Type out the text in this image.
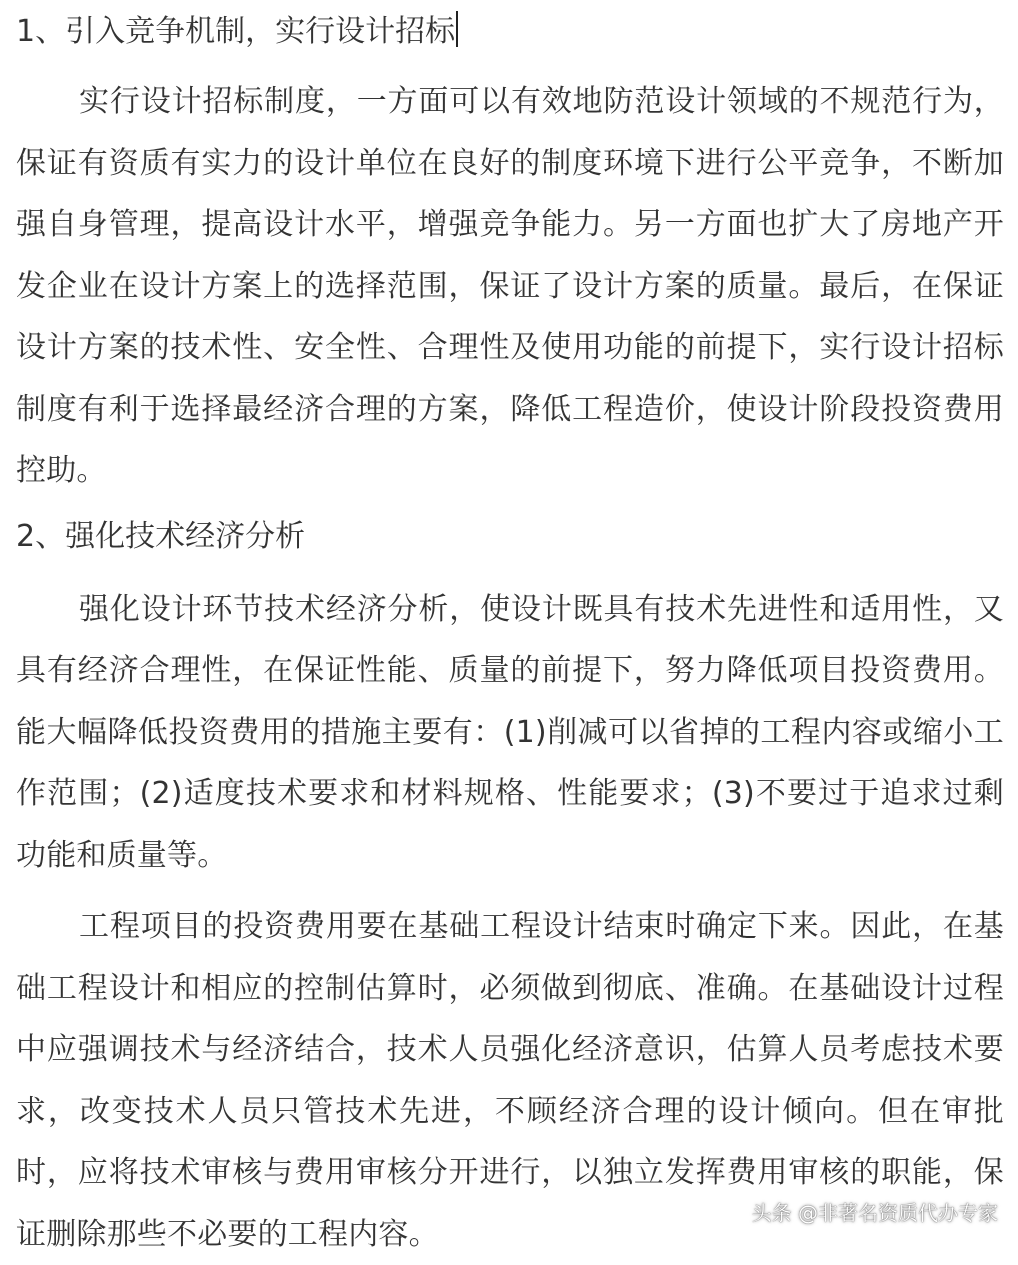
1、引入竞争机制，实行设计招标

实行设计招标制度，一方面可以有效地防范设计领域的不规范行为，保证有资质有实力的设计单位在良好的制度环境下进行公平竞争，不断加强自身管理，提高设计水平，增强竞争能力。另一方面也扩大了房地产开发企业在设计方案上的选择范围，保证了设计方案的质量。最后，在保证设计方案的技术性、安全性、合理性及使用功能的前提下，实行设计招标制度有利于选择最经济合理的方案，降低工程造价，使设计阶段投资费用控助。

2、强化技术经济分析

强化设计环节技术经济分析，使设计既具有技术先进性和适用性，又具有经济合理性，在保证性能、质量的前提下，努力降低项目投资费用。能大幅降低投资费用的措施主要有：(1)削减可以省掉的工程内容或缩小工作范围；(2)适度技术要求和材料规格、性能要求；(3)不要过于追求过剩功能和质量等。

工程项目的投资费用要在基础工程设计结束时确定下来。因此，在基础工程设计和相应的控制估算时，必须做到彻底、准确。在基础设计过程中应强调技术与经济结合，技术人员强化经济意识，估算人员考虑技术要求，改变技术人员只管技术先进，不顾经济合理的设计倾向。但在审批时，应将技术审核与费用审核分开进行，以独立发挥费用审核的职能，保证删除那些不必要的工程内容。

头条 @非著名资质代办专家
